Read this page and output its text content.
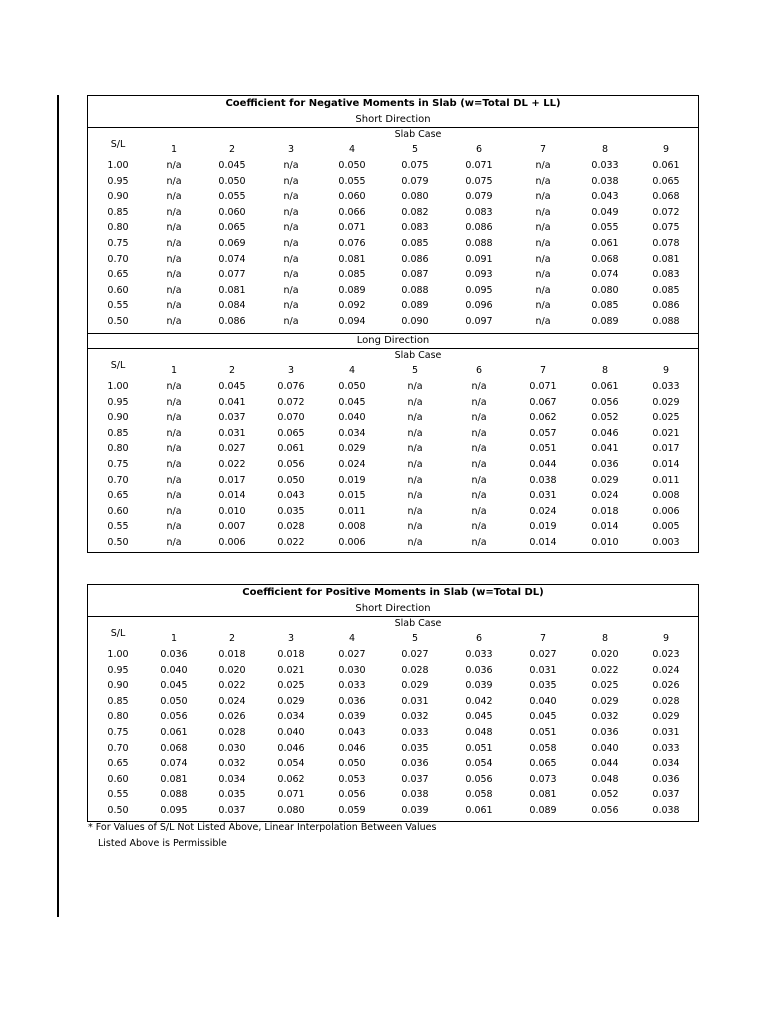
Coefficient for Negative Moments in Slab (w=Total DL + LL)
Short Direction
Long Direction
S/L
Slab Case
1	2	3	4	5	6	7	8	9
1.00	n/a	0.045	n/a	0.050	0.075	0.071	n/a	0.033	0.061
0.95	n/a	0.050	n/a	0.055	0.079	0.075	n/a	0.038	0.065
0.90	n/a	0.055	n/a	0.060	0.080	0.079	n/a	0.043	0.068
0.85	n/a	0.060	n/a	0.066	0.082	0.083	n/a	0.049	0.072
0.80	n/a	0.065	n/a	0.071	0.083	0.086	n/a	0.055	0.075
0.75	n/a	0.069	n/a	0.076	0.085	0.088	n/a	0.061	0.078
0.70	n/a	0.074	n/a	0.081	0.086	0.091	n/a	0.068	0.081
0.65	n/a	0.077	n/a	0.085	0.087	0.093	n/a	0.074	0.083
0.60	n/a	0.081	n/a	0.089	0.088	0.095	n/a	0.080	0.085
0.55	n/a	0.084	n/a	0.092	0.089	0.096	n/a	0.085	0.086
0.50	n/a	0.086	n/a	0.094	0.090	0.097	n/a	0.089	0.088
S/L
Slab Case
1	2	3	4	5	6	7	8	9
1.00	n/a	0.045	0.076	0.050	n/a	n/a	0.071	0.061	0.033
0.95	n/a	0.041	0.072	0.045	n/a	n/a	0.067	0.056	0.029
0.90	n/a	0.037	0.070	0.040	n/a	n/a	0.062	0.052	0.025
0.85	n/a	0.031	0.065	0.034	n/a	n/a	0.057	0.046	0.021
0.80	n/a	0.027	0.061	0.029	n/a	n/a	0.051	0.041	0.017
0.75	n/a	0.022	0.056	0.024	n/a	n/a	0.044	0.036	0.014
0.70	n/a	0.017	0.050	0.019	n/a	n/a	0.038	0.029	0.011
0.65	n/a	0.014	0.043	0.015	n/a	n/a	0.031	0.024	0.008
0.60	n/a	0.010	0.035	0.011	n/a	n/a	0.024	0.018	0.006
0.55	n/a	0.007	0.028	0.008	n/a	n/a	0.019	0.014	0.005
0.50	n/a	0.006	0.022	0.006	n/a	n/a	0.014	0.010	0.003
Coefficient for Positive Moments in Slab (w=Total DL)
Short Direction
S/L
Slab Case
1	2	3	4	5	6	7	8	9
1.00	0.036	0.018	0.018	0.027	0.027	0.033	0.027	0.020	0.023
0.95	0.040	0.020	0.021	0.030	0.028	0.036	0.031	0.022	0.024
0.90	0.045	0.022	0.025	0.033	0.029	0.039	0.035	0.025	0.026
0.85	0.050	0.024	0.029	0.036	0.031	0.042	0.040	0.029	0.028
0.80	0.056	0.026	0.034	0.039	0.032	0.045	0.045	0.032	0.029
0.75	0.061	0.028	0.040	0.043	0.033	0.048	0.051	0.036	0.031
0.70	0.068	0.030	0.046	0.046	0.035	0.051	0.058	0.040	0.033
0.65	0.074	0.032	0.054	0.050	0.036	0.054	0.065	0.044	0.034
0.60	0.081	0.034	0.062	0.053	0.037	0.056	0.073	0.048	0.036
0.55	0.088	0.035	0.071	0.056	0.038	0.058	0.081	0.052	0.037
0.50	0.095	0.037	0.080	0.059	0.039	0.061	0.089	0.056	0.038
* For Values of S/L Not Listed Above, Linear Interpolation Between Values
Listed Above is Permissible
